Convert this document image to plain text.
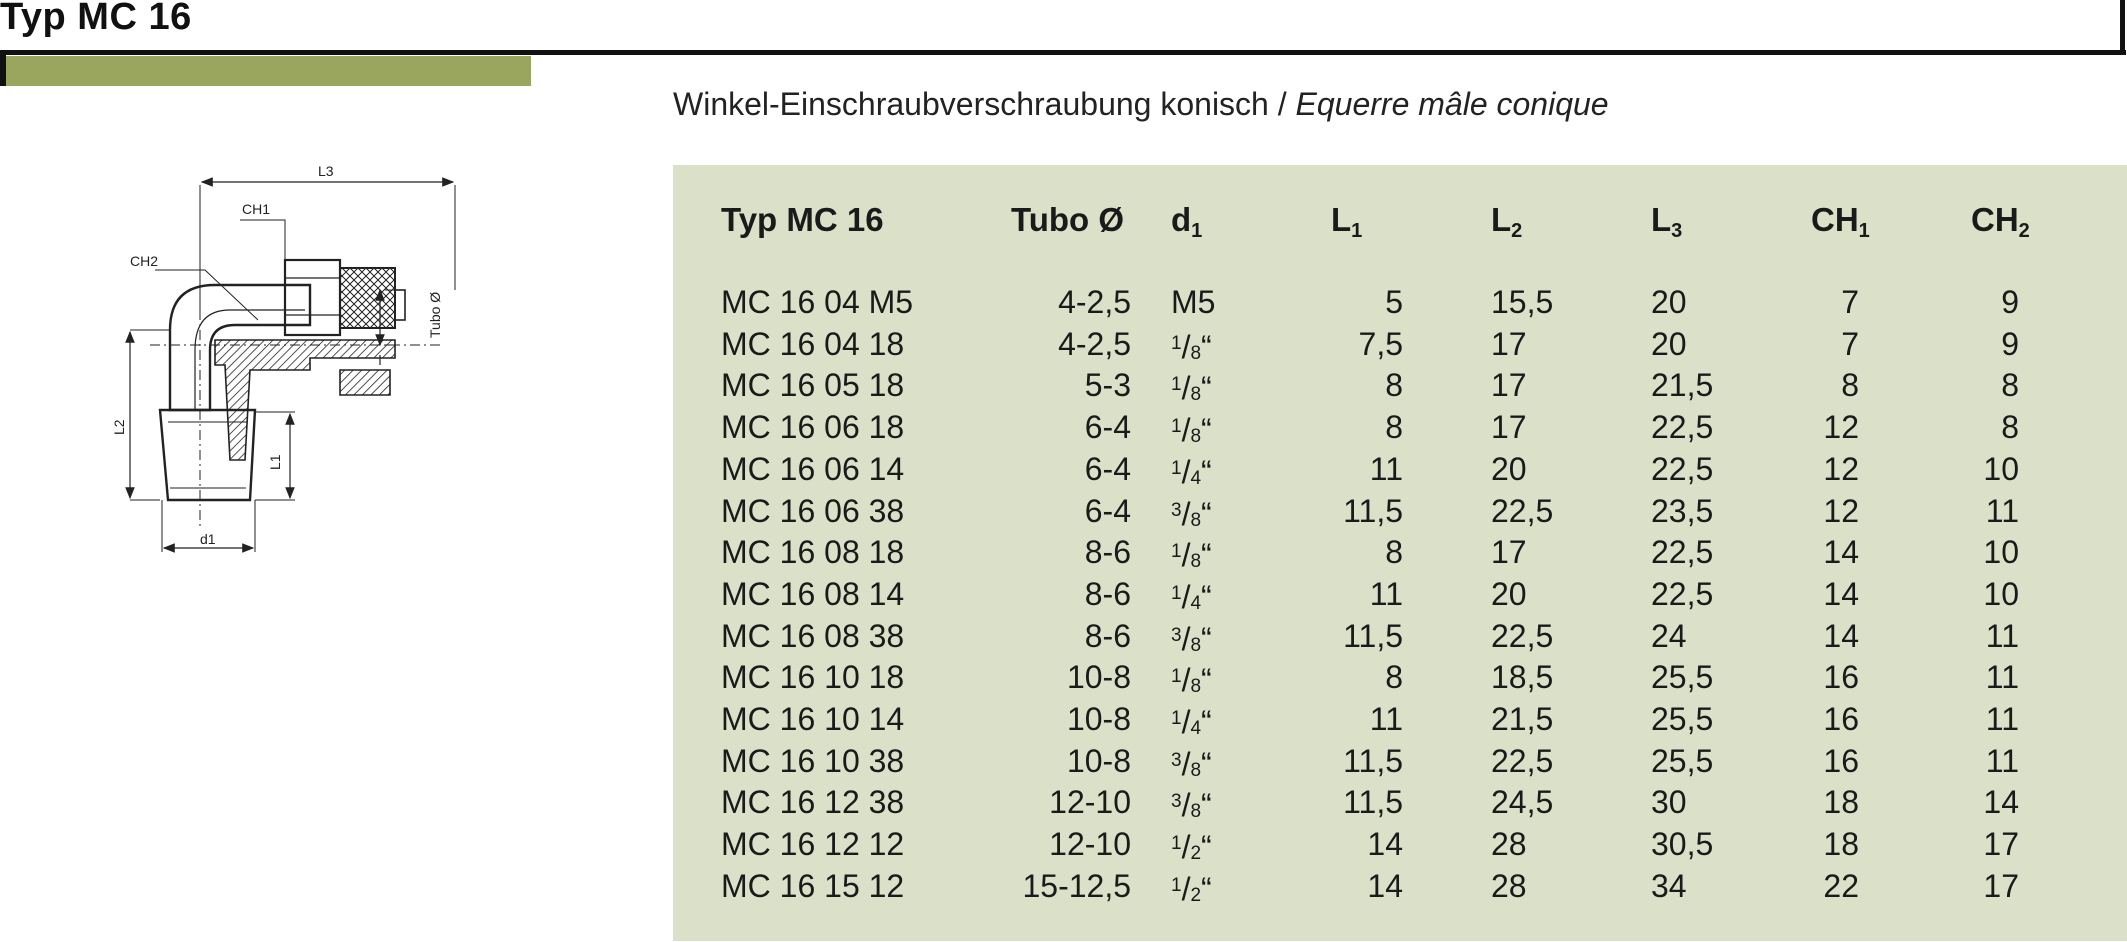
Typ MC 16
Winkel-Einschraubverschraubung konisch / Equerre mâle conique
L3
CH1
CH2
Tubo Ø
L2
L1
d1
Typ MC 16	Tubo Ø $d_1$	$L_1$	$L_2$	$L_3$	$CH_1$	$CH_2$
MC 16 04 M5	4-2,5 M5	5	15,5	20	7	9
MC 16 04 18	4-2,5 $^1$/8“	7,5	17	20	7	9
MC 16 05 18	5-3 $^1$/8“	8	17	21,5	8	8
MC 16 06 18	6-4 $^1$/8“	8	17	22,5	12	8
MC 16 06 14	6-4 $^1$/4“	11	20	22,5	12	10
MC 16 06 38	6-4 $^3$/8“	11,5	22,5	23,5	12	11
MC 16 08 18	8-6 $^1$/8“	8	17	22,5	14	10
MC 16 08 14	8-6 $^1$/4“	11	20	22,5	14	10
MC 16 08 38	8-6 $^3$/8“	11,5	22,5	24	14	11
MC 16 10 18	10-8 $^1$/8“	8	18,5	25,5	16	11
MC 16 10 14	10-8 $^1$/4“	11	21,5	25,5	16	11
MC 16 10 38	10-8 $^3$/8“	11,5	22,5	25,5	16	11
MC 16 12 38	12-10 $^3$/8“	11,5	24,5	30	18	14
MC 16 12 12	12-10 $^1$/2“	14	28	30,5	18	17
MC 16 15 12	15-12,5 $^1$/2“	14	28	34	22	17
